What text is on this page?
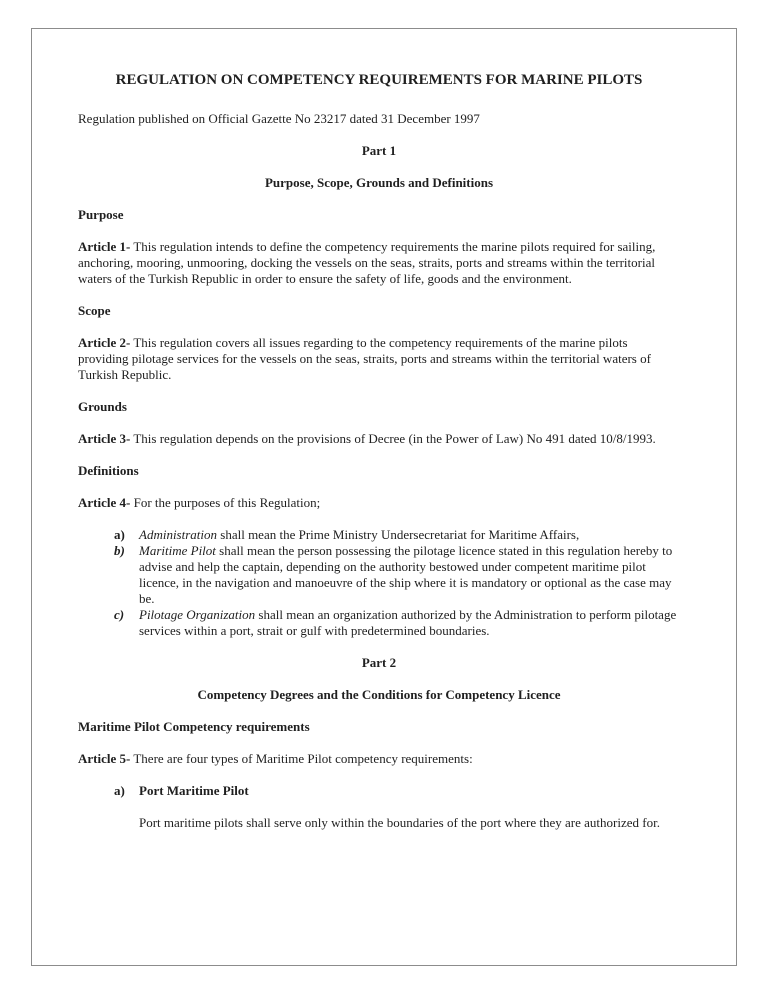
REGULATION ON COMPETENCY REQUIREMENTS FOR MARINE PILOTS

Regulation published on Official Gazette No 23217 dated 31 December 1997

Part 1

Purpose, Scope, Grounds and Definitions

Purpose

Article 1- This regulation intends to define the competency requirements the marine pilots required for sailing, anchoring, mooring, unmooring, docking the vessels on the seas, straits, ports and streams within the territorial waters of the Turkish Republic in order to ensure the safety of life, goods and the environment.

Scope

Article 2- This regulation covers all issues regarding to the competency requirements of the marine pilots providing pilotage services for the vessels on the seas, straits, ports and streams within the territorial waters of Turkish Republic.

Grounds

Article 3- This regulation depends on the provisions of Decree (in the Power of Law) No 491 dated 10/8/1993.

Definitions

Article 4- For the purposes of this Regulation;

a)	Administration shall mean the Prime Ministry Undersecretariat for Maritime Affairs,
b)	Maritime Pilot shall mean the person possessing the pilotage licence stated in this regulation hereby to advise and help the captain, depending on the authority bestowed under competent maritime pilot licence, in the navigation and manoeuvre of the ship where it is mandatory or optional as the case may be.
c)	Pilotage Organization shall mean an organization authorized by the Administration to perform pilotage services within a port, strait or gulf with predetermined boundaries.

Part 2

Competency Degrees and the Conditions for Competency Licence

Maritime Pilot Competency requirements

Article 5- There are four types of Maritime Pilot competency requirements:

a)	Port Maritime Pilot

Port maritime pilots shall serve only within the boundaries of the port where they are authorized for.
